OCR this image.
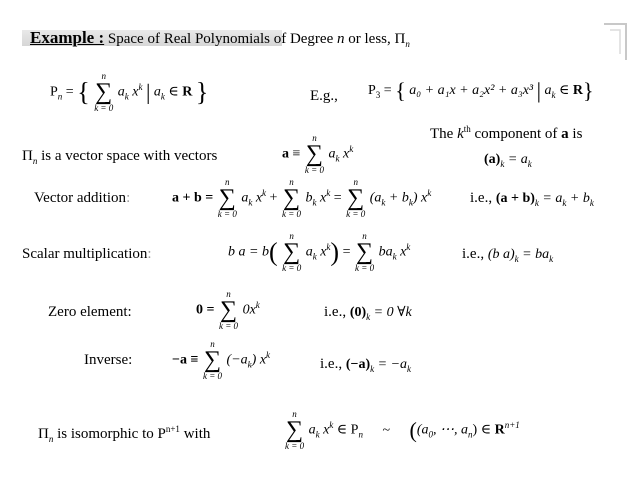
Example : Space of Real Polynomials of Degree n or less, $\Pi_n$
$P_n$ = {
n
∑
k = 0
$a_k$ $x^k$ | $a_k$ ∈ R }	E.g., $P_3$ = { a₀ + a₁x + a₂x² + a₃x³ | $a_k$ ∈ R}
The $k^{th}$ component of a is
$\Pi_n$ is a vector space with vectors	a ≡
n
∑
k = 0
$a_k$ $x^k$
$(a)_k = a_k$
Vector addition:	a + b =
n
∑
k = 0
$a_k$ $x^k$ +
n
∑
k = 0
$b_k$ $x^k$ =
n
∑
k = 0
$(a_k + b_k)$ $x^k$	i.e., $(a + b)_k = a_k + b_k$
Scalar multiplication:	b a = b(
n
∑
k = 0
$a_k$ $x^k$) =
n
∑
k = 0
$ba_k$ $x^k$	i.e., (b $a)_k = ba_k$
Zero element:	0 =
n
∑
k = 0
$0x^k$	i.e., $(0)_k = 0$ ∀k
Inverse:	−a ≡
n
∑
k = 0
$(-a_k)$ $x^k$
i.e., $(-a)_k = -a_k$
$\Pi_n$ is isomorphic to $P^{n+1}$ with
n
∑
k = 0
$a_k$ $x^k$ ∈ $P_n$ ~ (($a_0$, ⋯, $a_n$) ∈ $R^{n+1}$
